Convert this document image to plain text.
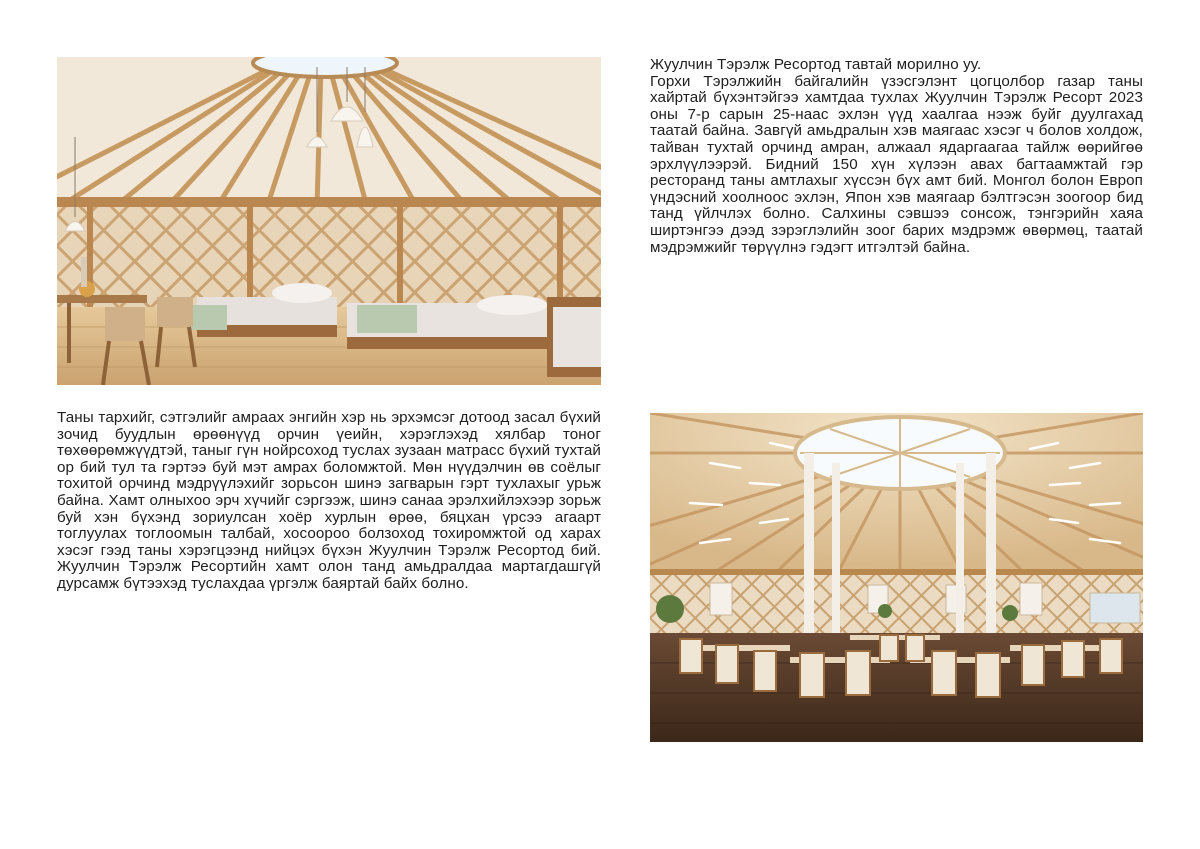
Жуулчин Тэрэлж Ресортод тавтай морилно уу.

Горхи Тэрэлжийн байгалийн үзэсгэлэнт цогцолбор газар таны хайртай бүхэнтэйгээ хамтдаа тухлах Жуулчин Тэрэлж Ресорт 2023 оны 7-р сарын 25-наас эхлэн үүд хаалгаа нээж буйг дуулгахад таатай байна. Завгүй амьдралын хэв маягаас хэсэг ч болов холдож, тайван тухтай орчинд амран, алжаал ядаргаагаа тайлж өөрийгөө эрхлүүлээрэй. Бидний 150 хүн хүлээн авах багтаамжтай гэр ресторанд таны амтлахыг хүссэн бүх амт бий. Монгол болон Европ үндэсний хоолноос эхлэн, Япон хэв маягаар бэлтгэсэн зоогоор бид танд үйлчлэх болно. Салхины сэвшээ сонсож, тэнгэрийн хаяа ширтэнгээ дээд зэрэглэлийн зоог барих мэдрэмж өвөрмөц, таатай мэдрэмжийг төрүүлнэ гэдэгт итгэлтэй байна.

Таны тархийг, сэтгэлийг амраах энгийн хэр нь эрхэмсэг дотоод засал бүхий зочид буудлын өрөөнүүд орчин үеийн, хэрэглэхэд хялбар тоног төхөөрөмжүүдтэй, таныг гүн нойрсоход туслах зузаан матрасс бүхий тухтай ор бий тул та гэртээ буй мэт амрах боломжтой. Мөн нүүдэлчин өв соёлыг тохитой орчинд мэдрүүлэхийг зорьсон шинэ загварын гэрт тухлахыг урьж байна. Хамт олныхоо эрч хүчийг сэргээж, шинэ санаа эрэлхийлэхээр зорьж буй хэн бүхэнд зориулсан хоёр хурлын өрөө, бяцхан үрсээ агаарт тоглуулах тоглоомын талбай, хосоороо болзоход тохиромжтой од харах хэсэг гээд таны хэрэгцээнд нийцэх бүхэн Жуулчин Тэрэлж Ресортод бий. Жуулчин Тэрэлж Ресортийн хамт олон танд амьдралдаа мартагдашгүй дурсамж бүтээхэд туслахдаа үргэлж баяртай байх болно.
